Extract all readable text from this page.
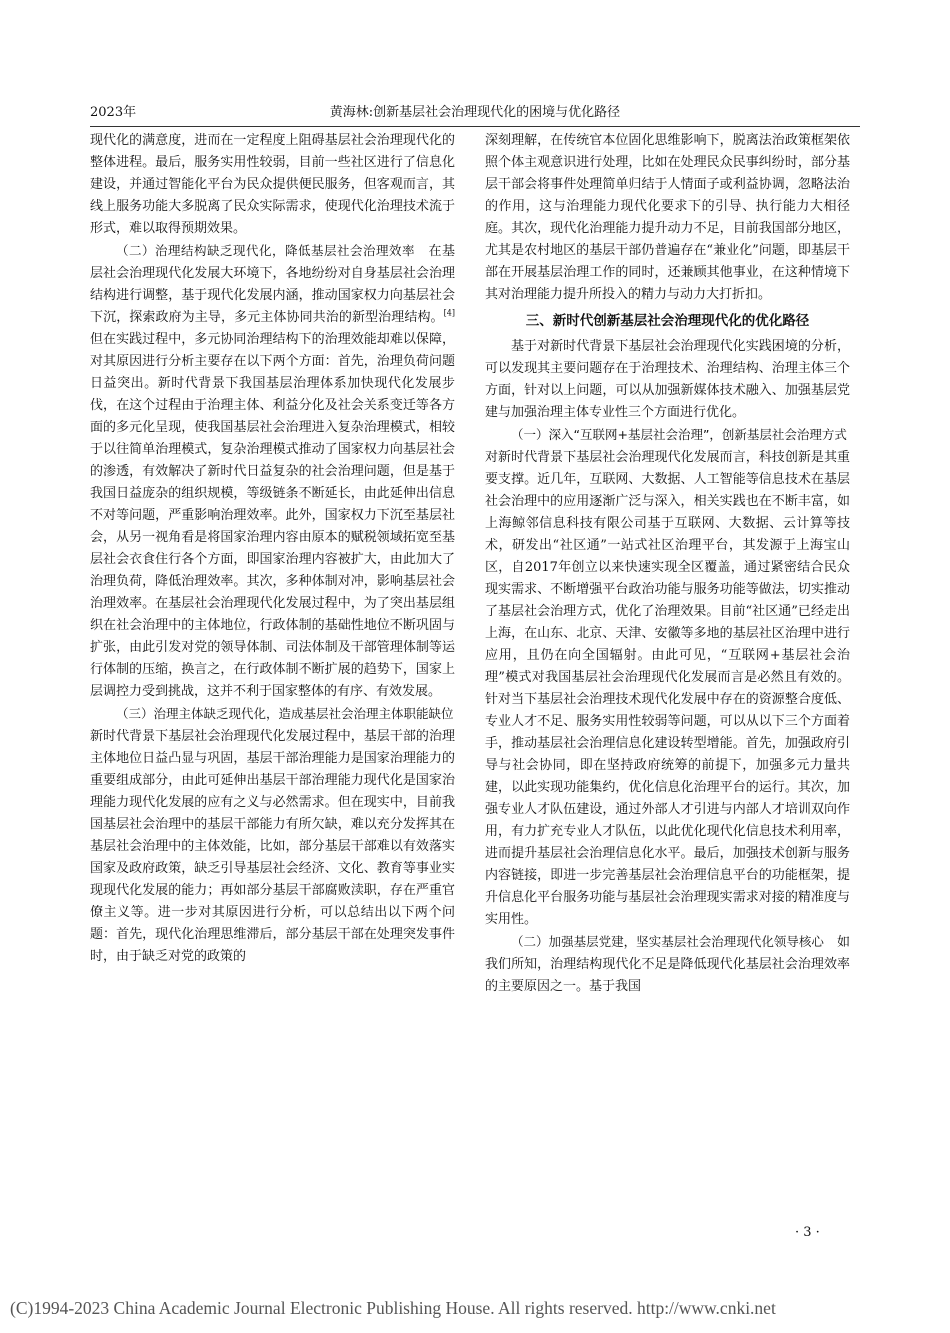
2023年	黄海林:创新基层社会治理现代化的困境与优化路径

现代化的满意度，进而在一定程度上阻碍基层社会治理现代化的整体进程。最后，服务实用性较弱，目前一些社区进行了信息化建设，并通过智能化平台为民众提供便民服务，但客观而言，其线上服务功能大多脱离了民众实际需求，使现代化治理技术流于形式，难以取得预期效果。

（二）治理结构缺乏现代化，降低基层社会治理效率　在基层社会治理现代化发展大环境下，各地纷纷对自身基层社会治理结构进行调整，基于现代化发展内涵，推动国家权力向基层社会下沉，探索政府为主导，多元主体协同共治的新型治理结构。[4]但在实践过程中，多元协同治理结构下的治理效能却难以保障，对其原因进行分析主要存在以下两个方面：首先，治理负荷问题日益突出。新时代背景下我国基层治理体系加快现代化发展步伐，在这个过程由于治理主体、利益分化及社会关系变迁等各方面的多元化呈现，使我国基层社会治理进入复杂治理模式，相较于以往简单治理模式，复杂治理模式推动了国家权力向基层社会的渗透，有效解决了新时代日益复杂的社会治理问题，但是基于我国日益庞杂的组织规模，等级链条不断延长，由此延伸出信息不对等问题，严重影响治理效率。此外，国家权力下沉至基层社会，从另一视角看是将国家治理内容由原本的赋税领域拓宽至基层社会衣食住行各个方面，即国家治理内容被扩大，由此加大了治理负荷，降低治理效率。其次，多种体制对冲，影响基层社会治理效率。在基层社会治理现代化发展过程中，为了突出基层组织在社会治理中的主体地位，行政体制的基础性地位不断巩固与扩张，由此引发对党的领导体制、司法体制及干部管理体制等运行体制的压缩，换言之，在行政体制不断扩展的趋势下，国家上层调控力受到挑战，这并不利于国家整体的有序、有效发展。

（三）治理主体缺乏现代化，造成基层社会治理主体职能缺位　新时代背景下基层社会治理现代化发展过程中，基层干部的治理主体地位日益凸显与巩固，基层干部治理能力是国家治理能力的重要组成部分，由此可延伸出基层干部治理能力现代化是国家治理能力现代化发展的应有之义与必然需求。但在现实中，目前我国基层社会治理中的基层干部能力有所欠缺，难以充分发挥其在基层社会治理中的主体效能，比如，部分基层干部难以有效落实国家及政府政策，缺乏引导基层社会经济、文化、教育等事业实现现代化发展的能力；再如部分基层干部腐败渎职，存在严重官僚主义等。进一步对其原因进行分析，可以总结出以下两个问题：首先，现代化治理思维滞后，部分基层干部在处理突发事件时，由于缺乏对党的政策的

深刻理解，在传统官本位固化思维影响下，脱离法治政策框架依照个体主观意识进行处理，比如在处理民众民事纠纷时，部分基层干部会将事件处理简单归结于人情面子或利益协调，忽略法治的作用，这与治理能力现代化要求下的引导、执行能力大相径庭。其次，现代化治理能力提升动力不足，目前我国部分地区，尤其是农村地区的基层干部仍普遍存在“兼业化”问题，即基层干部在开展基层治理工作的同时，还兼顾其他事业，在这种情境下其对治理能力提升所投入的精力与动力大打折扣。

三、新时代创新基层社会治理现代化的优化路径

基于对新时代背景下基层社会治理现代化实践困境的分析，可以发现其主要问题存在于治理技术、治理结构、治理主体三个方面，针对以上问题，可以从加强新媒体技术融入、加强基层党建与加强治理主体专业性三个方面进行优化。

（一）深入“互联网+基层社会治理”，创新基层社会治理方式　对新时代背景下基层社会治理现代化发展而言，科技创新是其重要支撑。近几年，互联网、大数据、人工智能等信息技术在基层社会治理中的应用逐渐广泛与深入，相关实践也在不断丰富，如上海鲸邻信息科技有限公司基于互联网、大数据、云计算等技术，研发出“社区通”一站式社区治理平台，其发源于上海宝山区，自2017年创立以来快速实现全区覆盖，通过紧密结合民众现实需求、不断增强平台政治功能与服务功能等做法，切实推动了基层社会治理方式，优化了治理效果。目前“社区通”已经走出上海，在山东、北京、天津、安徽等多地的基层社区治理中进行应用，且仍在向全国辐射。由此可见，“互联网+基层社会治理”模式对我国基层社会治理现代化发展而言是必然且有效的。针对当下基层社会治理技术现代化发展中存在的资源整合度低、专业人才不足、服务实用性较弱等问题，可以从以下三个方面着手，推动基层社会治理信息化建设转型增能。首先，加强政府引导与社会协同，即在坚持政府统筹的前提下，加强多元力量共建，以此实现功能集约，优化信息化治理平台的运行。其次，加强专业人才队伍建设，通过外部人才引进与内部人才培训双向作用，有力扩充专业人才队伍，以此优化现代化信息技术利用率，进而提升基层社会治理信息化水平。最后，加强技术创新与服务内容链接，即进一步完善基层社会治理信息平台的功能框架，提升信息化平台服务功能与基层社会治理现实需求对接的精准度与实用性。

（二）加强基层党建，坚实基层社会治理现代化领导核心　如我们所知，治理结构现代化不足是降低现代化基层社会治理效率的主要原因之一。基于我国

· 3 ·
(C)1994-2023 China Academic Journal Electronic Publishing House. All rights reserved. http://www.cnki.net
